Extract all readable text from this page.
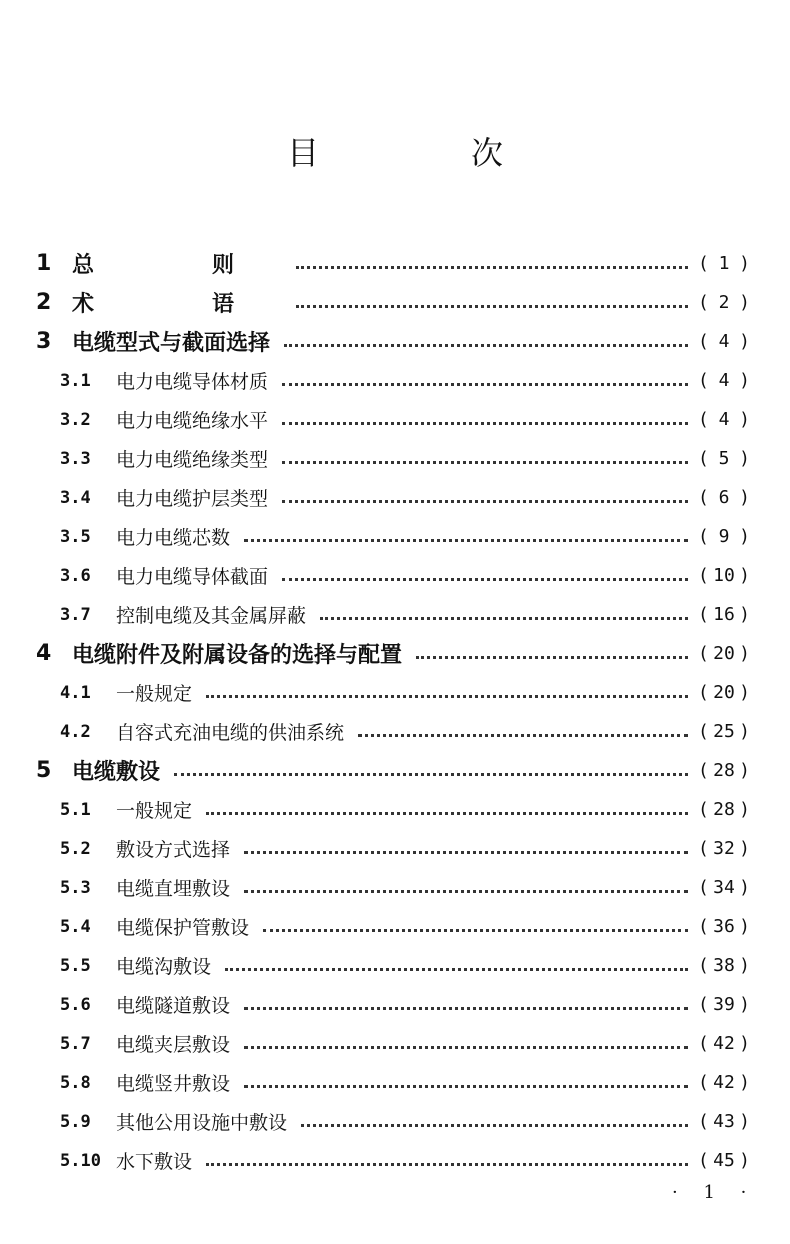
目　次
1 总　则	( 1 )
2 术　语	( 2 )
3 电缆型式与截面选择	( 4 )
3.1	电力电缆导体材质	( 4 )
3.2	电力电缆绝缘水平	( 4 )
3.3	电力电缆绝缘类型	( 5 )
3.4	电力电缆护层类型	( 6 )
3.5	电力电缆芯数	( 9 )
3.6	电力电缆导体截面	( 10 )
3.7	控制电缆及其金属屏蔽	( 16 )
4 电缆附件及附属设备的选择与配置	( 20 )
4.1	一般规定	( 20 )
4.2	自容式充油电缆的供油系统	( 25 )
5 电缆敷设	( 28 )
5.1	一般规定	( 28 )
5.2	敷设方式选择	( 32 )
5.3	电缆直埋敷设	( 34 )
5.4	电缆保护管敷设	( 36 )
5.5	电缆沟敷设	( 38 )
5.6	电缆隧道敷设	( 39 )
5.7	电缆夹层敷设	( 42 )
5.8	电缆竖井敷设	( 42 )
5.9	其他公用设施中敷设	( 43 )
5.10 水下敷设	( 45 )
· 1 ·
